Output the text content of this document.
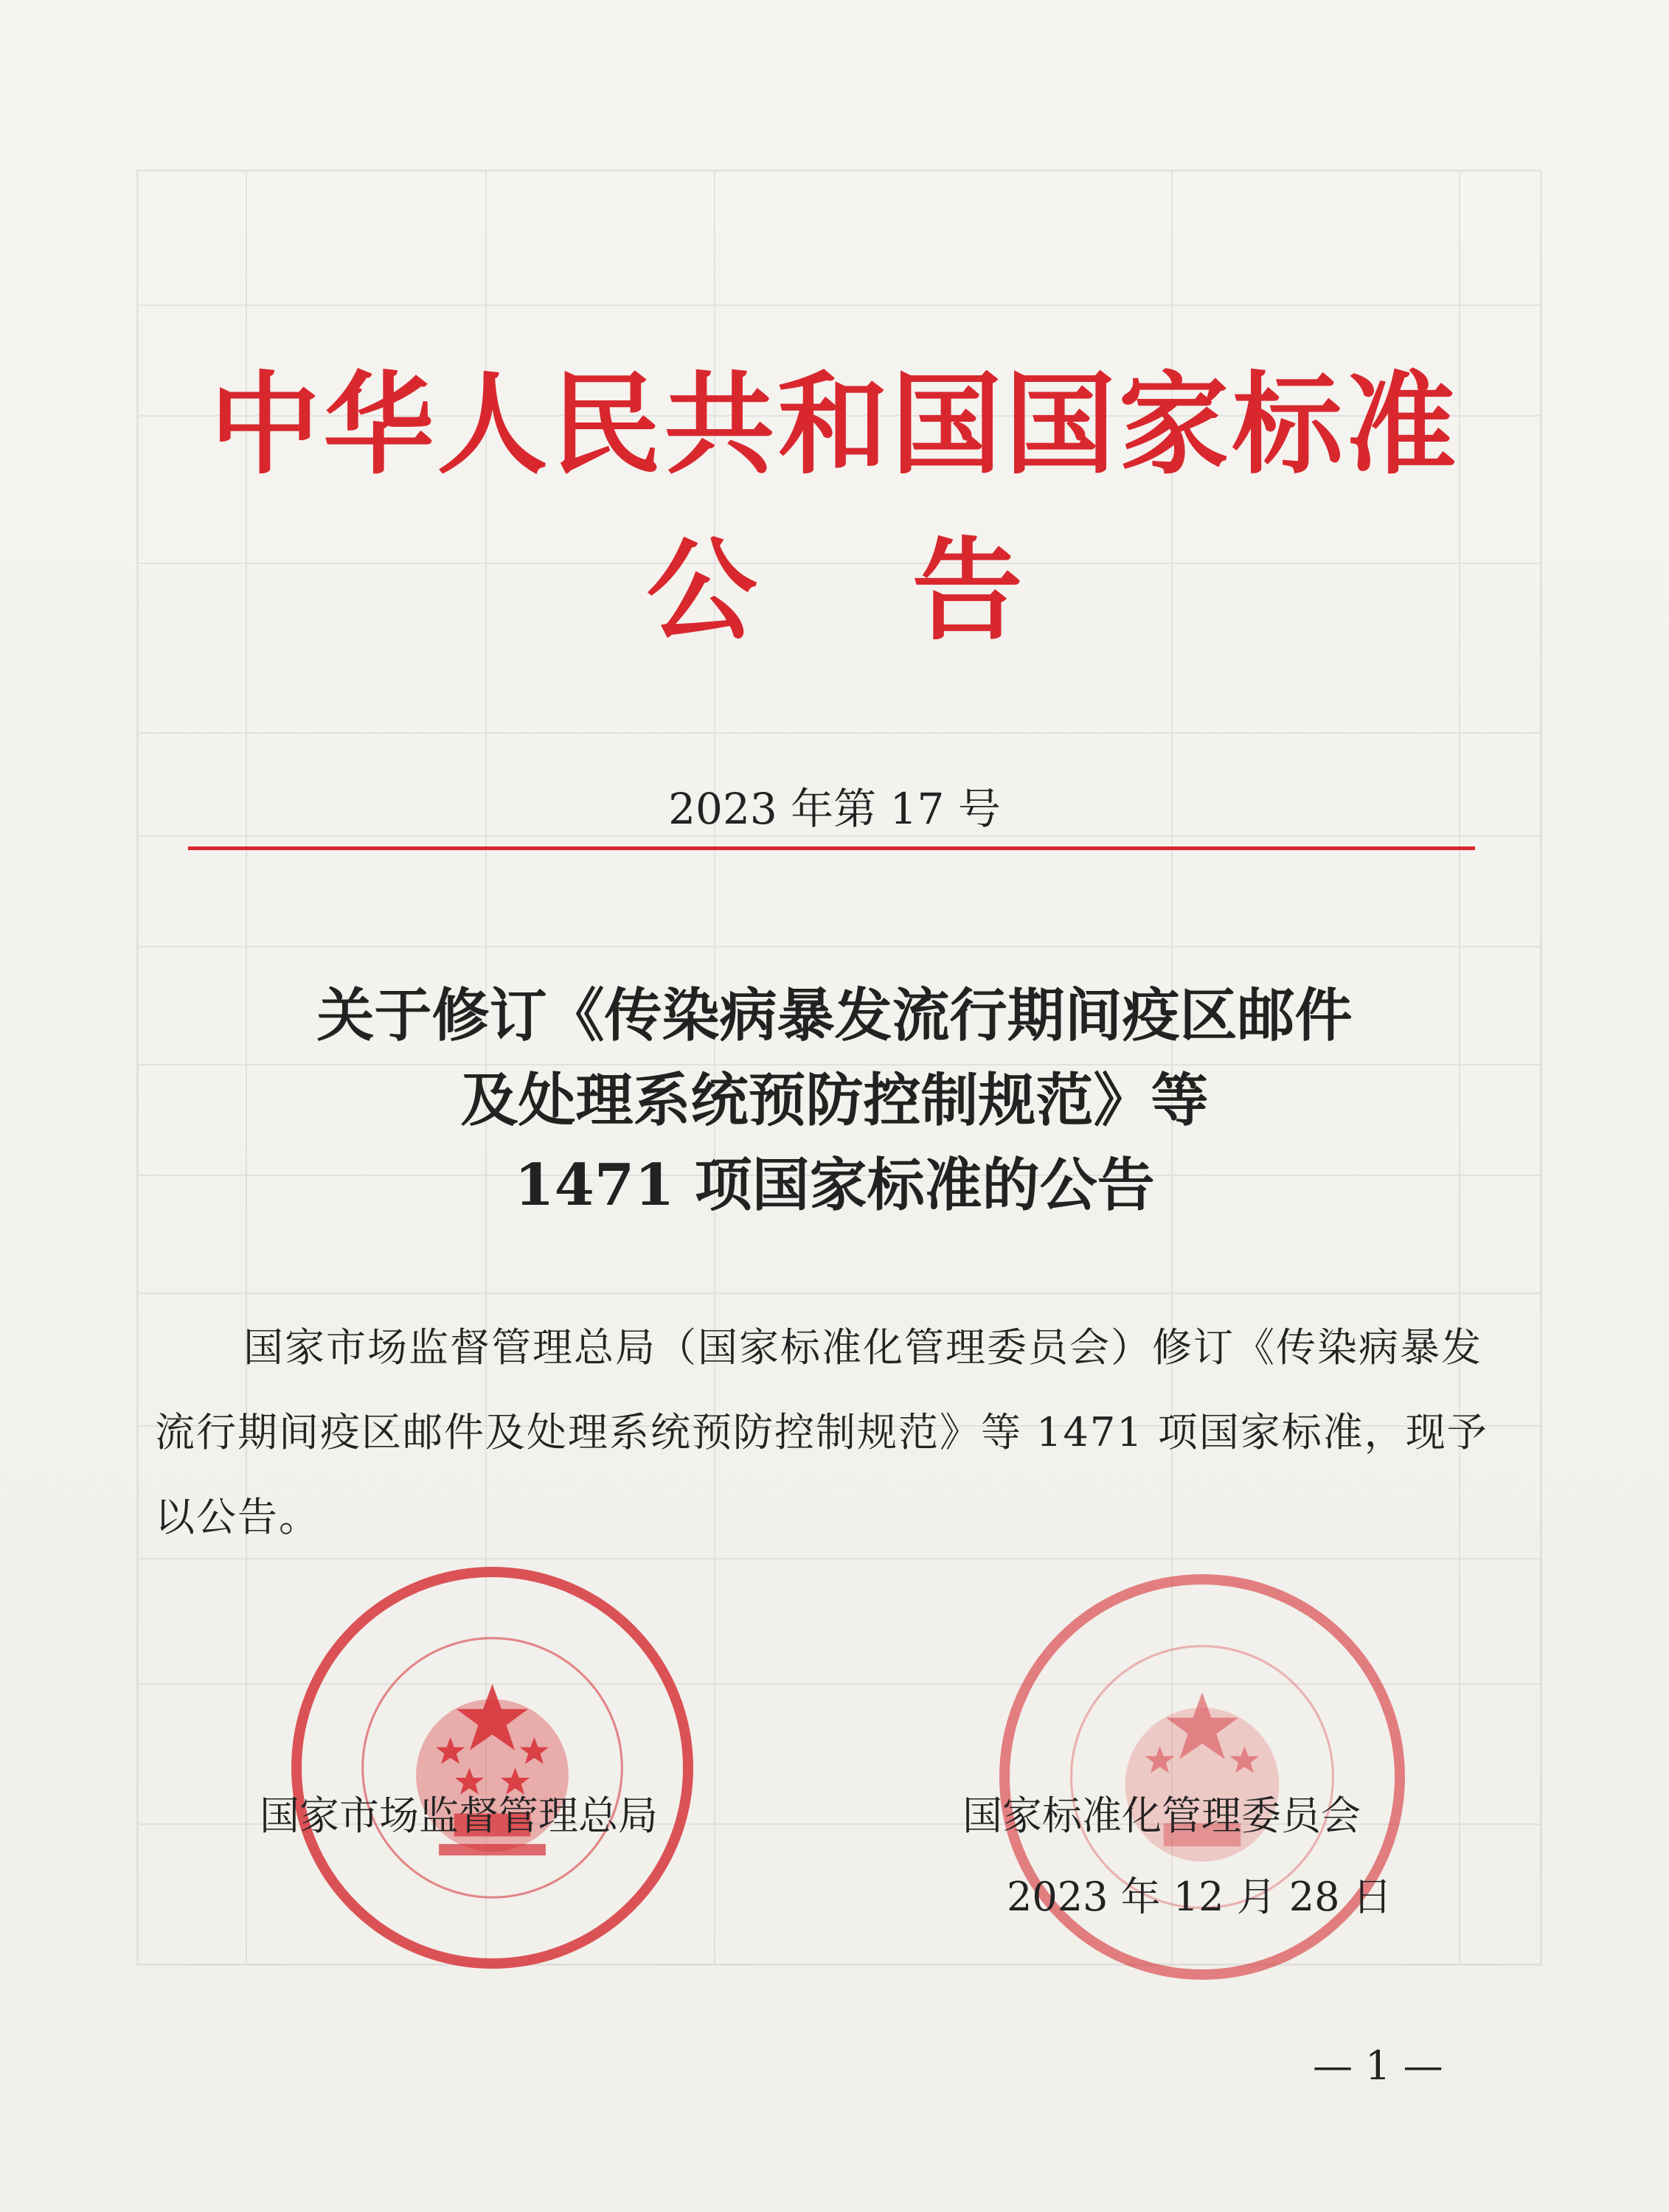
中华人民共和国国家标准
公告
2023 年第 17 号
关于修订《传染病暴发流行期间疫区邮件
及处理系统预防控制规范》等
1471 项国家标准的公告
国家市场监督管理总局（国家标准化管理委员会）修订《传染病暴发流行期间疫区邮件及处理系统预防控制规范》等 1471 项国家标准，现予以公告。
国家市场监督管理总局	国家标准化管理委员会
2023 年 12 月 28 日
— 1 —
